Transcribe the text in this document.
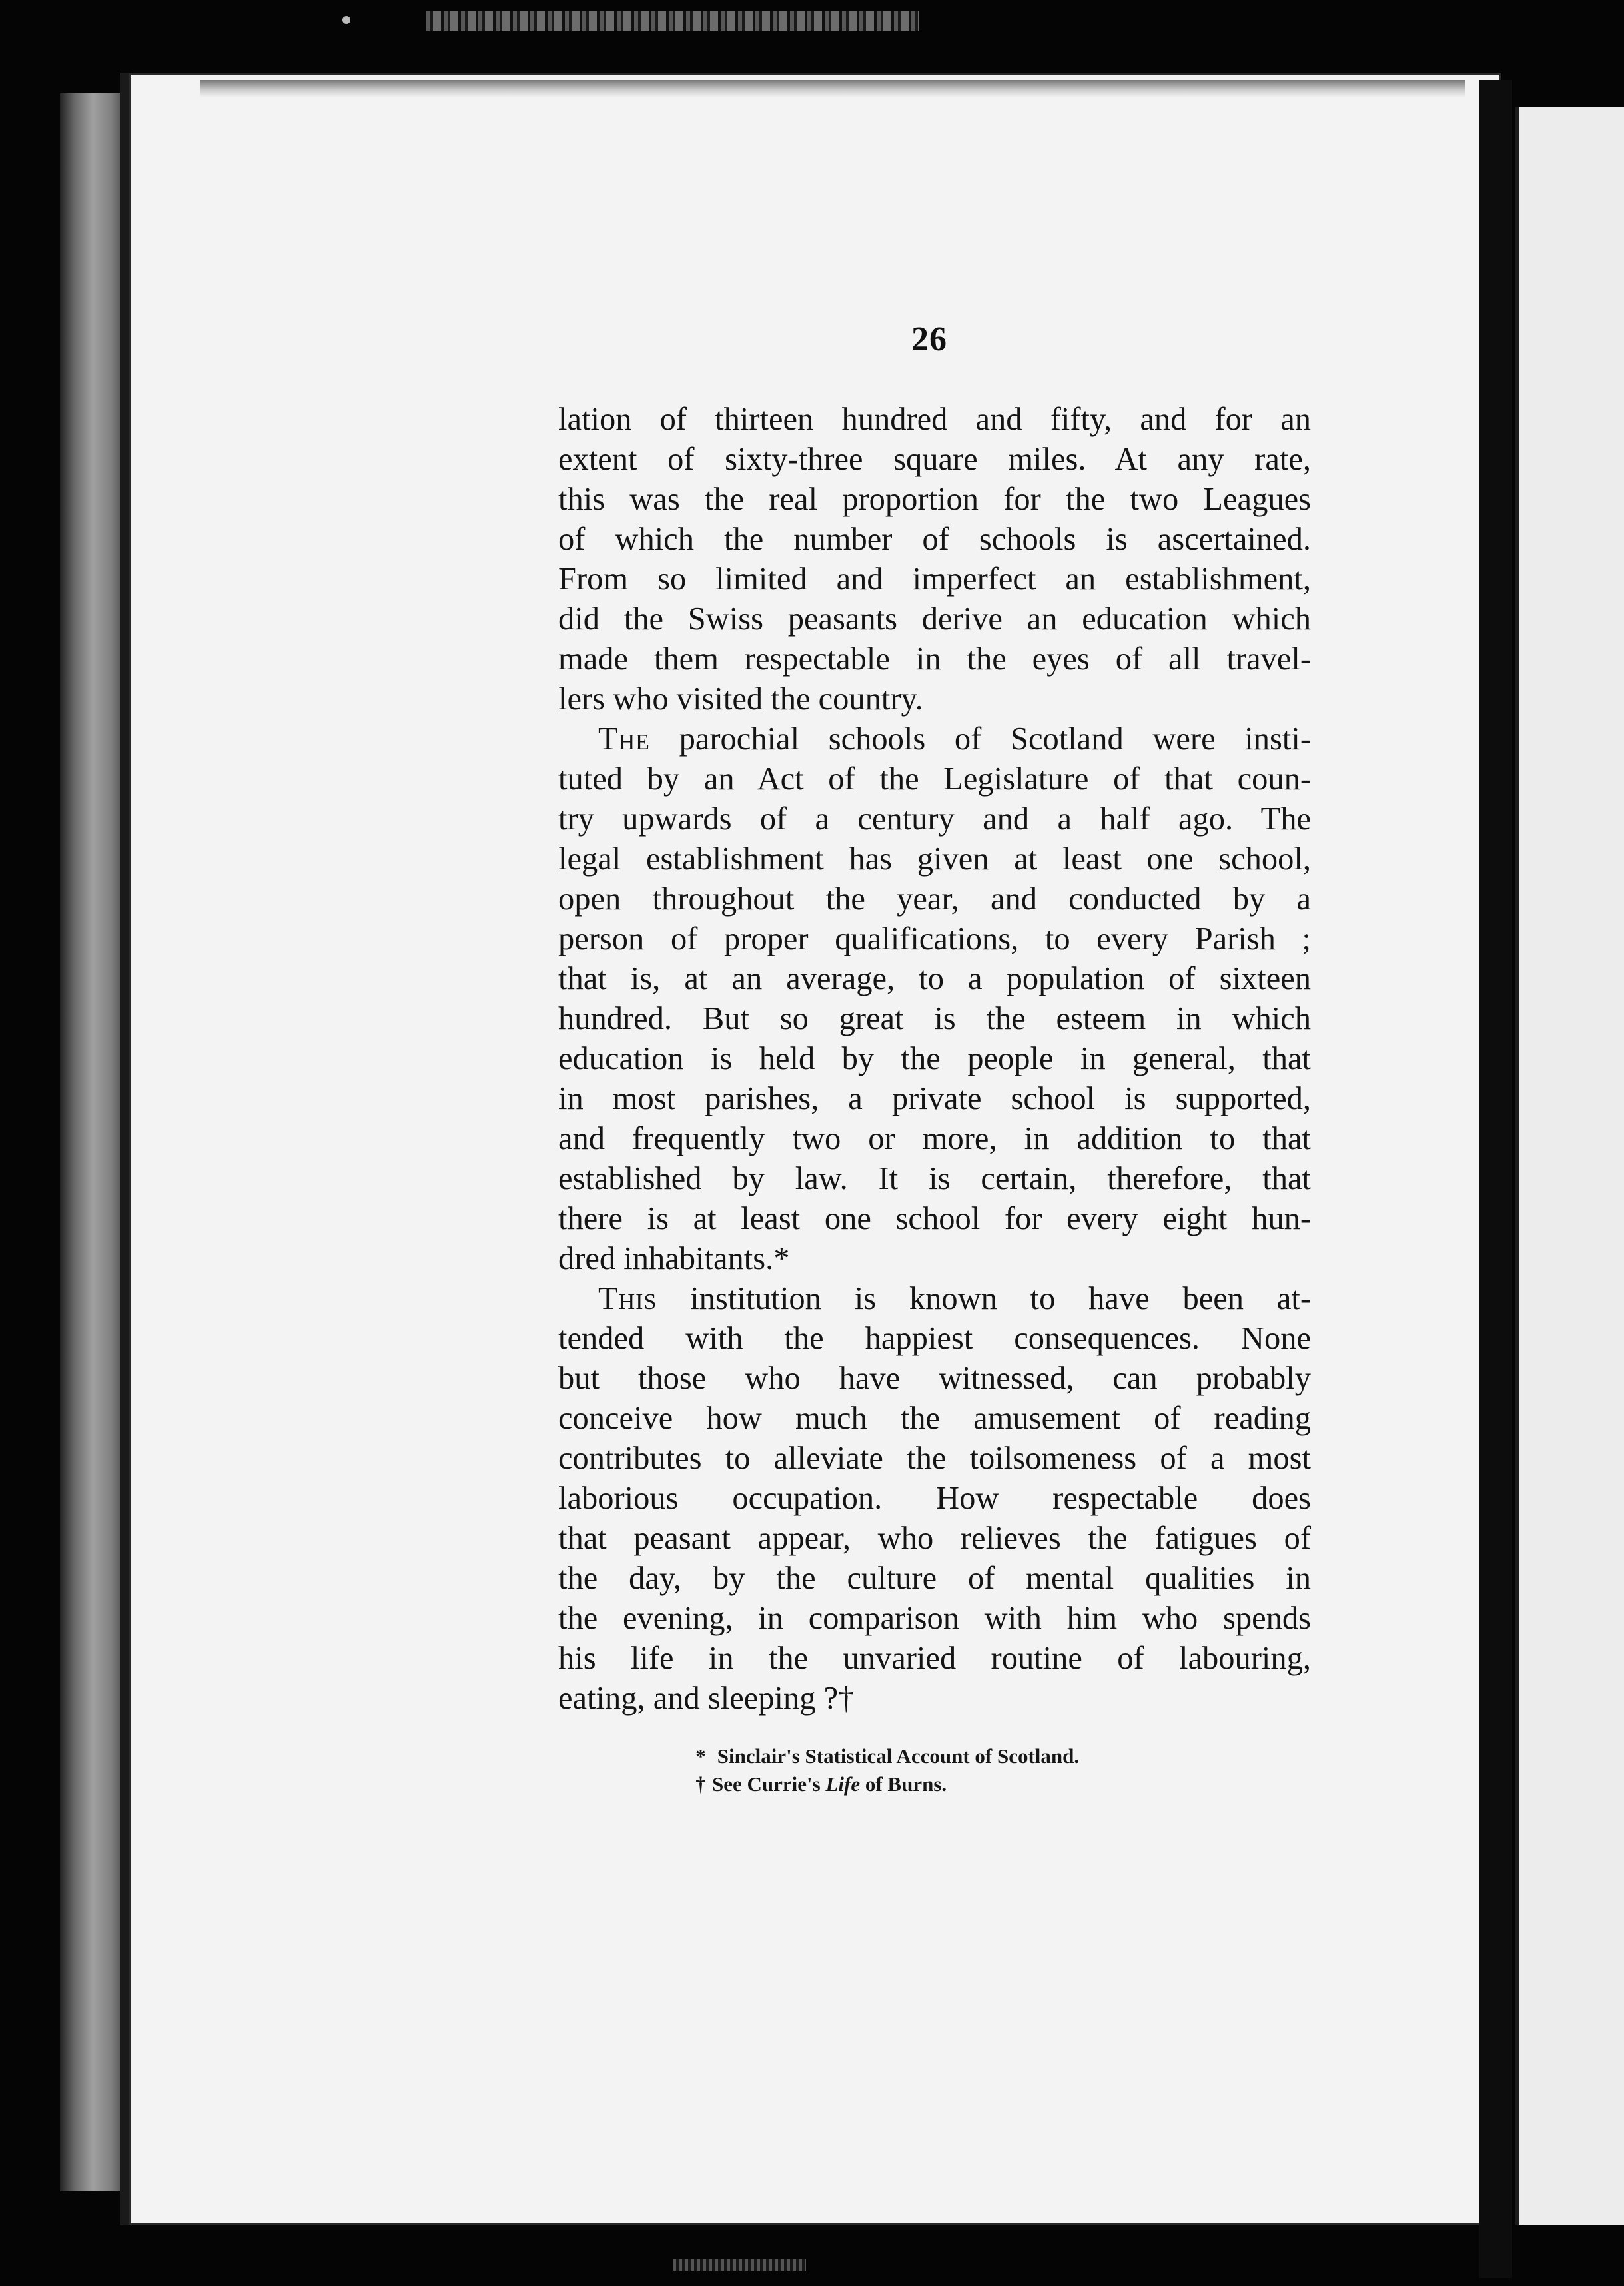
26
lation of thirteen hundred and fifty, and for an
extent of sixty-three square miles. At any rate,
this was the real proportion for the two Leagues
of which the number of schools is ascertained.
From so limited and imperfect an establishment,
did the Swiss peasants derive an education which
made them respectable in the eyes of all travel-
lers who visited the country.
The parochial schools of Scotland were insti-
tuted by an Act of the Legislature of that coun-
try upwards of a century and a half ago. The
legal establishment has given at least one school,
open throughout the year, and conducted by a
person of proper qualifications, to every Parish ;
that is, at an average, to a population of sixteen
hundred. But so great is the esteem in which
education is held by the people in general, that
in most parishes, a private school is supported,
and frequently two or more, in addition to that
established by law. It is certain, therefore, that
there is at least one school for every eight hun-
dred inhabitants.*
This institution is known to have been at-
tended with the happiest consequences. None
but those who have witnessed, can probably
conceive how much the amusement of reading
contributes to alleviate the toilsomeness of a most
laborious occupation. How respectable does
that peasant appear, who relieves the fatigues of
the day, by the culture of mental qualities in
the evening, in comparison with him who spends
his life in the unvaried routine of labouring,
eating, and sleeping ?†
* Sinclair's Statistical Account of Scotland.
† See Currie's Life of Burns.
